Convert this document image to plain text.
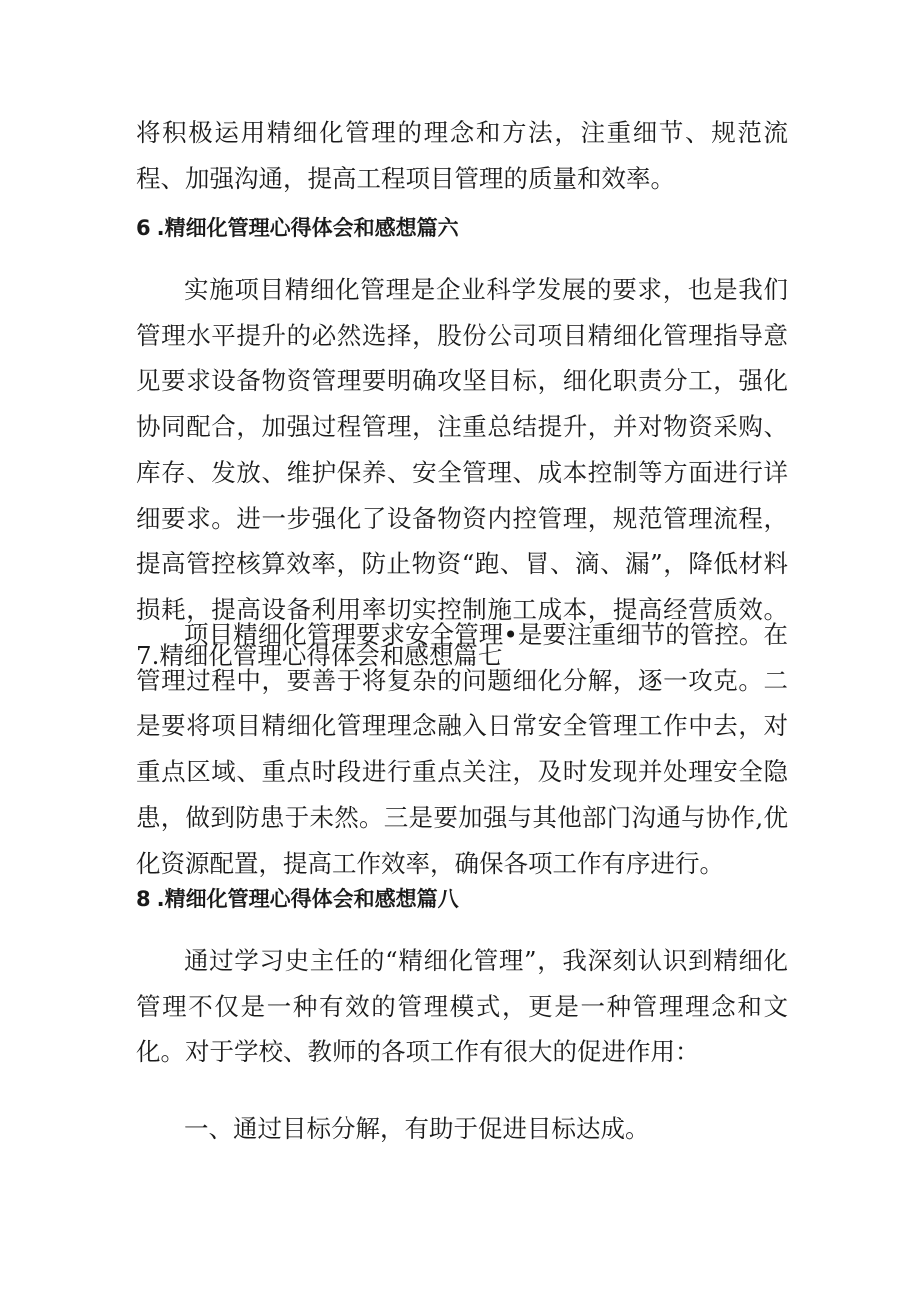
将积极运用精细化管理的理念和方法，注重细节、规范流程、加强沟通，提高工程项目管理的质量和效率。

6 .精细化管理心得体会和感想篇六

实施项目精细化管理是企业科学发展的要求，也是我们管理水平提升的必然选择，股份公司项目精细化管理指导意见要求设备物资管理要明确攻坚目标，细化职责分工，强化协同配合，加强过程管理，注重总结提升，并对物资采购、库存、发放、维护保养、安全管理、成本控制等方面进行详细要求。进一步强化了设备物资内控管理，规范管理流程，提高管控核算效率，防止物资“跑、冒、滴、漏”，降低材料损耗，提高设备利用率切实控制施工成本，提高经营质效。7.精细化管理心得体会和感想篇七

项目精细化管理要求安全管理•是要注重细节的管控。在管理过程中，要善于将复杂的问题细化分解，逐一攻克。二是要将项目精细化管理理念融入日常安全管理工作中去，对重点区域、重点时段进行重点关注，及时发现并处理安全隐患，做到防患于未然。三是要加强与其他部门沟通与协作,优化资源配置，提高工作效率，确保各项工作有序进行。

8 .精细化管理心得体会和感想篇八

通过学习史主任的“精细化管理”，我深刻认识到精细化管理不仅是一种有效的管理模式，更是一种管理理念和文化。对于学校、教师的各项工作有很大的促进作用：

一、通过目标分解，有助于促进目标达成。
